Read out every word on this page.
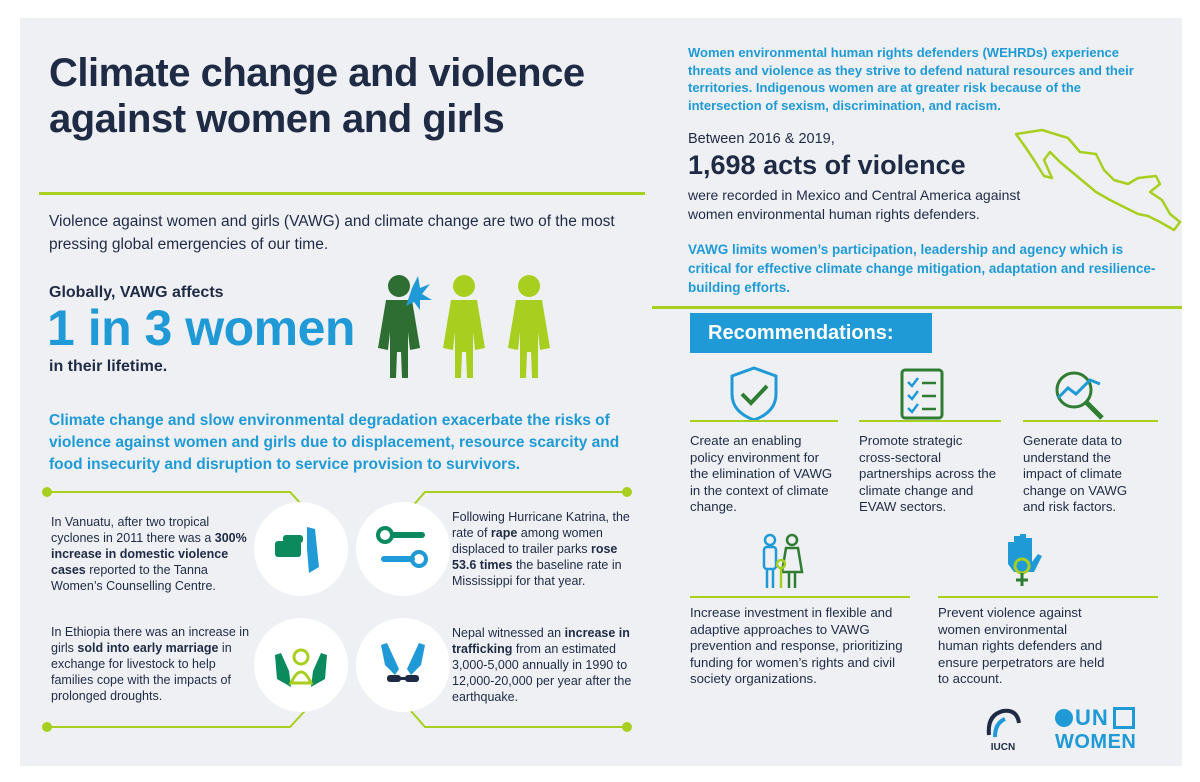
Climate change and violence against women and girls
Violence against women and girls (VAWG) and climate change are two of the most pressing global emergencies of our time.
Globally, VAWG affects
1 in 3 women
in their lifetime.
Climate change and slow environmental degradation exacerbate the risks of violence against women and girls due to displacement, resource scarcity and food insecurity and disruption to service provision to survivors.
In Vanuatu, after two tropical cyclones in 2011 there was a 300% increase in domestic violence cases reported to the Tanna Women’s Counselling Centre.
Following Hurricane Katrina, the rate of rape among women displaced to trailer parks rose 53.6 times the baseline rate in Mississippi for that year.
In Ethiopia there was an increase in girls sold into early marriage in exchange for livestock to help families cope with the impacts of prolonged droughts.
Nepal witnessed an increase in trafficking from an estimated 3,000-5,000 annually in 1990 to 12,000-20,000 per year after the earthquake.
Women environmental human rights defenders (WEHRDs) experience threats and violence as they strive to defend natural resources and their territories. Indigenous women are at greater risk because of the intersection of sexism, discrimination, and racism.
Between 2016 & 2019,
1,698 acts of violence
were recorded in Mexico and Central America against women environmental human rights defenders.
VAWG limits women’s participation, leadership and agency which is critical for effective climate change mitigation, adaptation and resilience-building efforts.
Recommendations:
Create an enabling policy environment for the elimination of VAWG in the context of climate change.
Promote strategic cross-sectoral partnerships across the climate change and EVAW sectors.
Generate data to understand the impact of climate change on VAWG and risk factors.
Increase investment in flexible and adaptive approaches to VAWG prevention and response, prioritizing funding for women’s rights and civil society organizations.
Prevent violence against women environmental human rights defenders and ensure perpetrators are held to account.
IUCN
UN
WOMEN
